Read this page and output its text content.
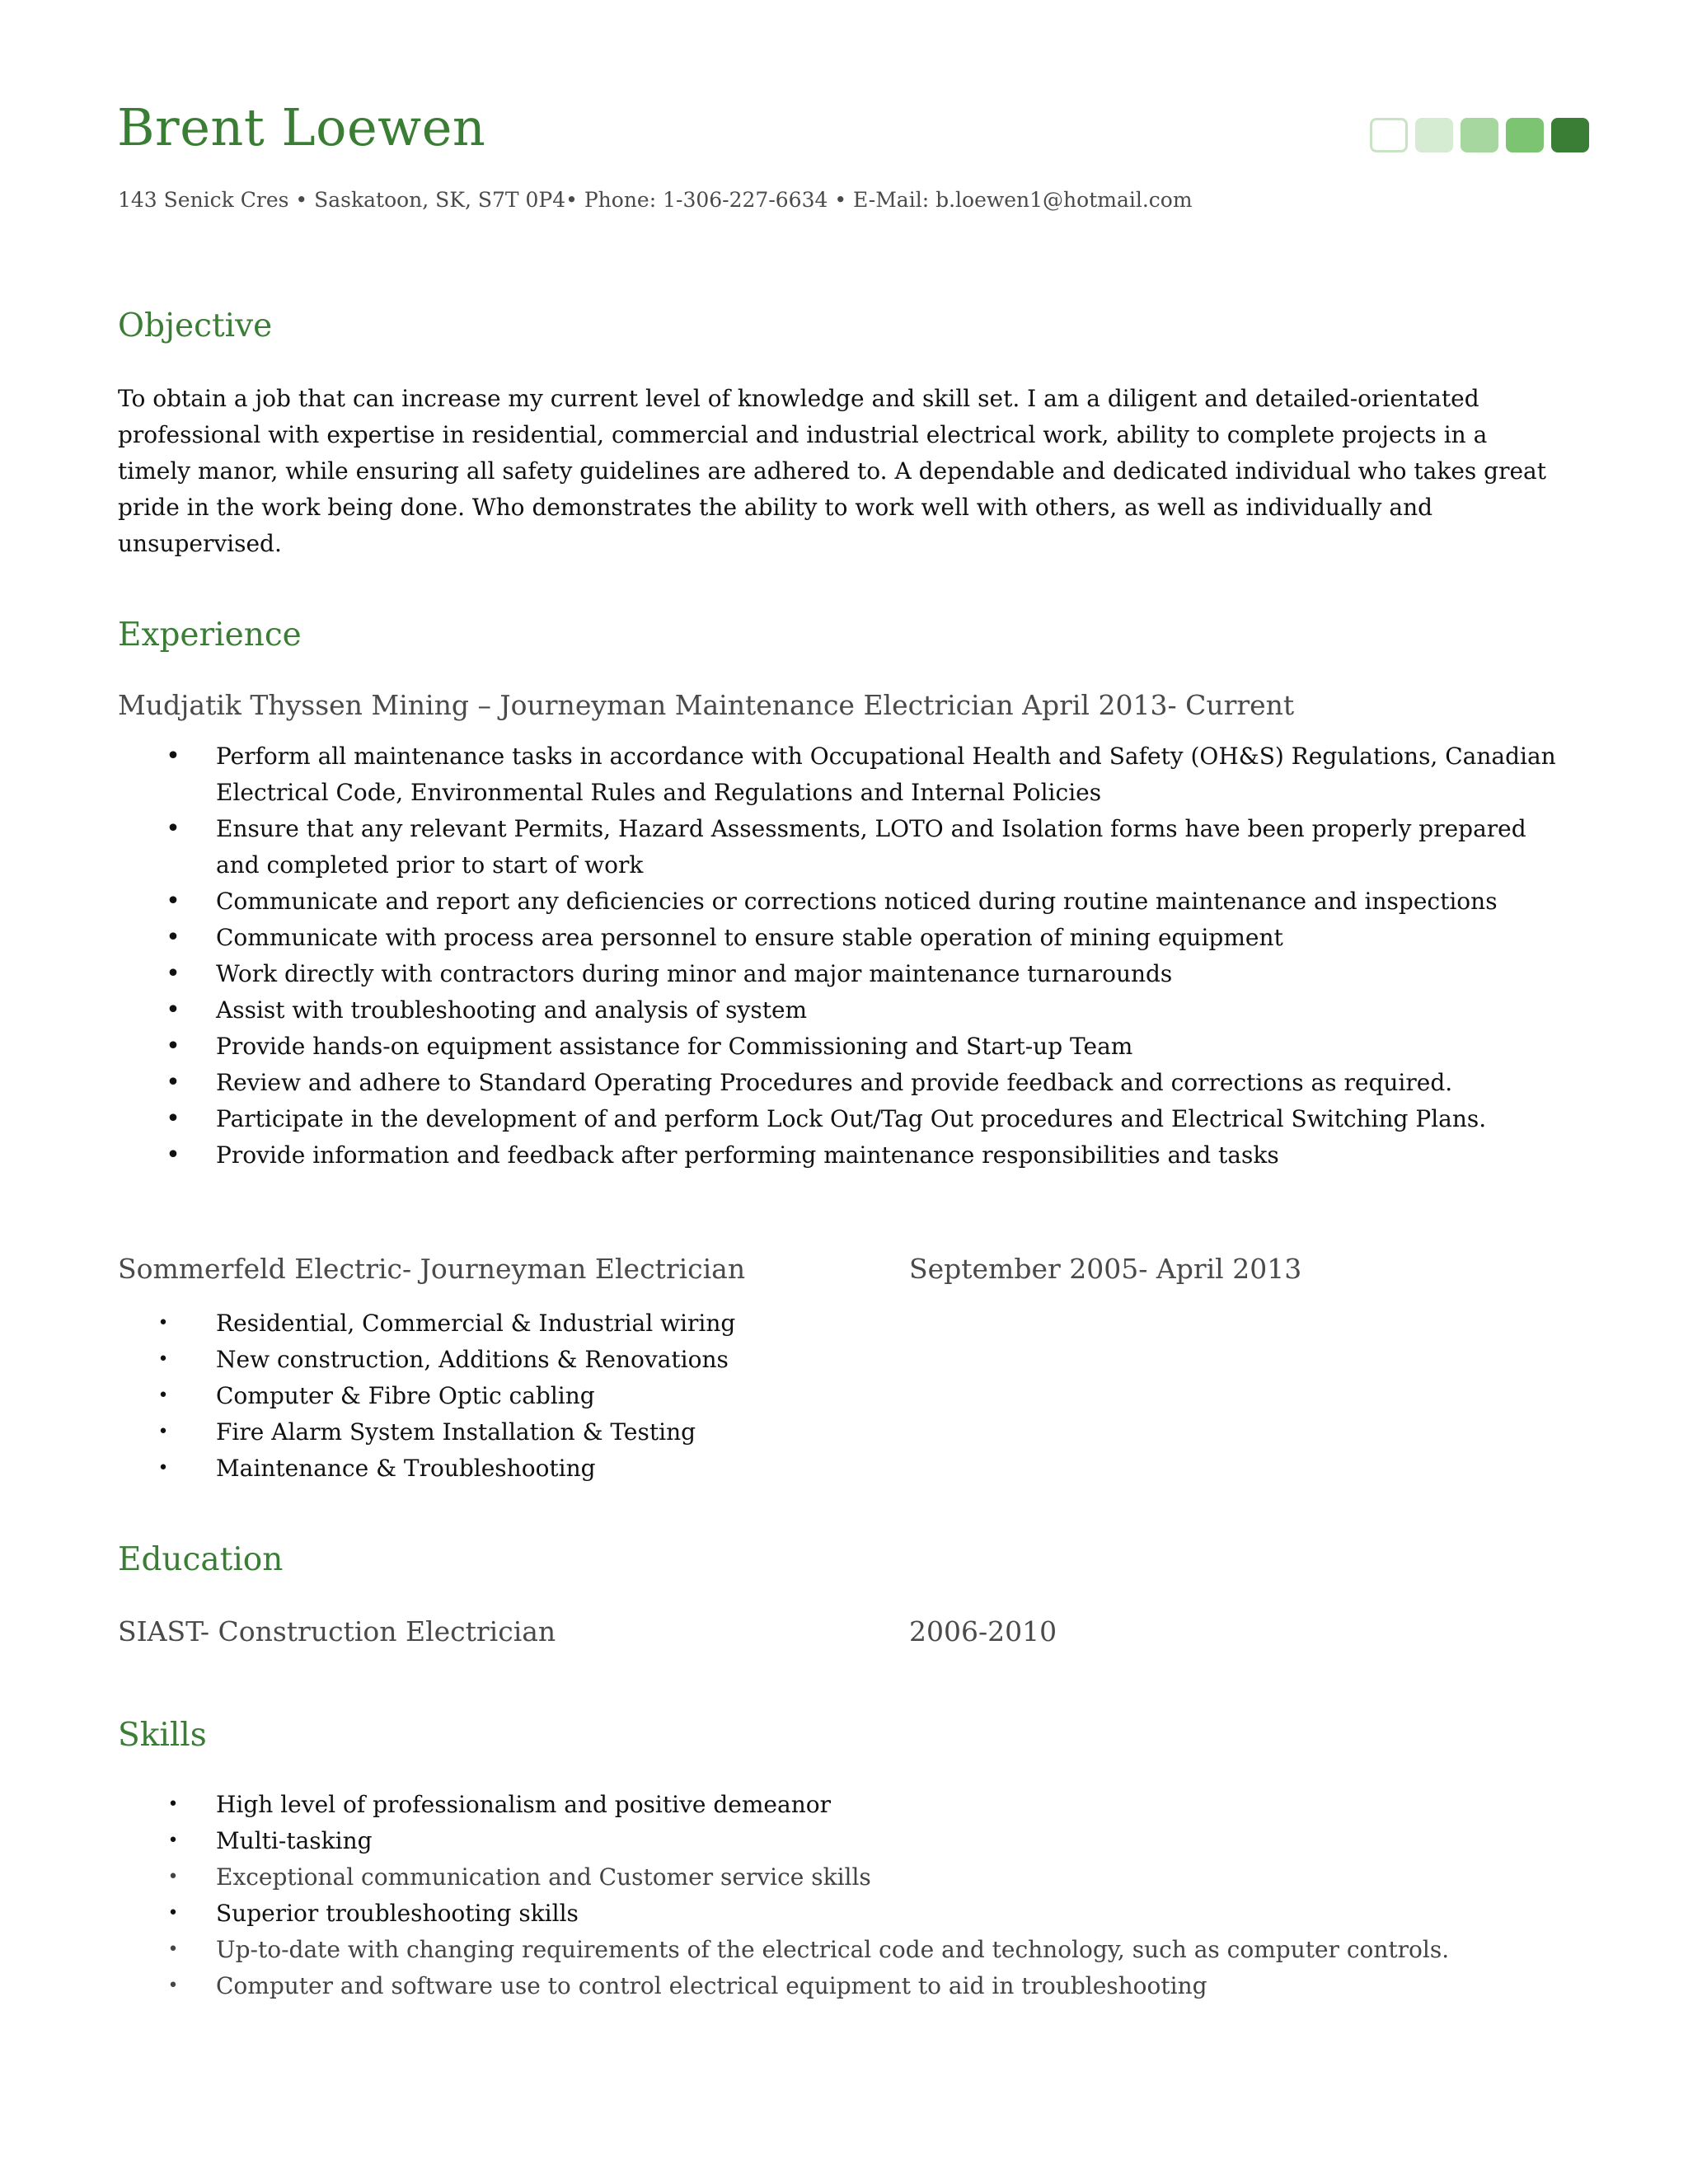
Brent Loewen
143 Senick Cres • Saskatoon, SK, S7T 0P4• Phone: 1-306-227-6634 • E-Mail: b.loewen1@hotmail.com
Objective

To obtain a job that can increase my current level of knowledge and skill set. I am a diligent and detailed-orientated professional with expertise in residential, commercial and industrial electrical work, ability to complete projects in a timely manor, while ensuring all safety guidelines are adhered to. A dependable and dedicated individual who takes great pride in the work being done. Who demonstrates the ability to work well with others, as well as individually and unsupervised.

Experience
Mudjatik Thyssen Mining – Journeyman Maintenance Electrician April 2013- Current
• Perform all maintenance tasks in accordance with Occupational Health and Safety (OH&S) Regulations, Canadian Electrical Code, Environmental Rules and Regulations and Internal Policies
• Ensure that any relevant Permits, Hazard Assessments, LOTO and Isolation forms have been properly prepared and completed prior to start of work
• Communicate and report any deficiencies or corrections noticed during routine maintenance and inspections
• Communicate with process area personnel to ensure stable operation of mining equipment
• Work directly with contractors during minor and major maintenance turnarounds
• Assist with troubleshooting and analysis of system
• Provide hands-on equipment assistance for Commissioning and Start-up Team
• Review and adhere to Standard Operating Procedures and provide feedback and corrections as required.
• Participate in the development of and perform Lock Out/Tag Out procedures and Electrical Switching Plans.
• Provide information and feedback after performing maintenance responsibilities and tasks
Sommerfeld Electric- Journeyman Electrician	September 2005- April 2013
• Residential, Commercial & Industrial wiring
• New construction, Additions & Renovations
• Computer & Fibre Optic cabling
• Fire Alarm System Installation & Testing
• Maintenance & Troubleshooting
Education
SIAST- Construction Electrician	2006-2010
Skills
• High level of professionalism and positive demeanor
• Multi-tasking
• Exceptional communication and Customer service skills
• Superior troubleshooting skills
• Up-to-date with changing requirements of the electrical code and technology, such as computer controls.
• Computer and software use to control electrical equipment to aid in troubleshooting
